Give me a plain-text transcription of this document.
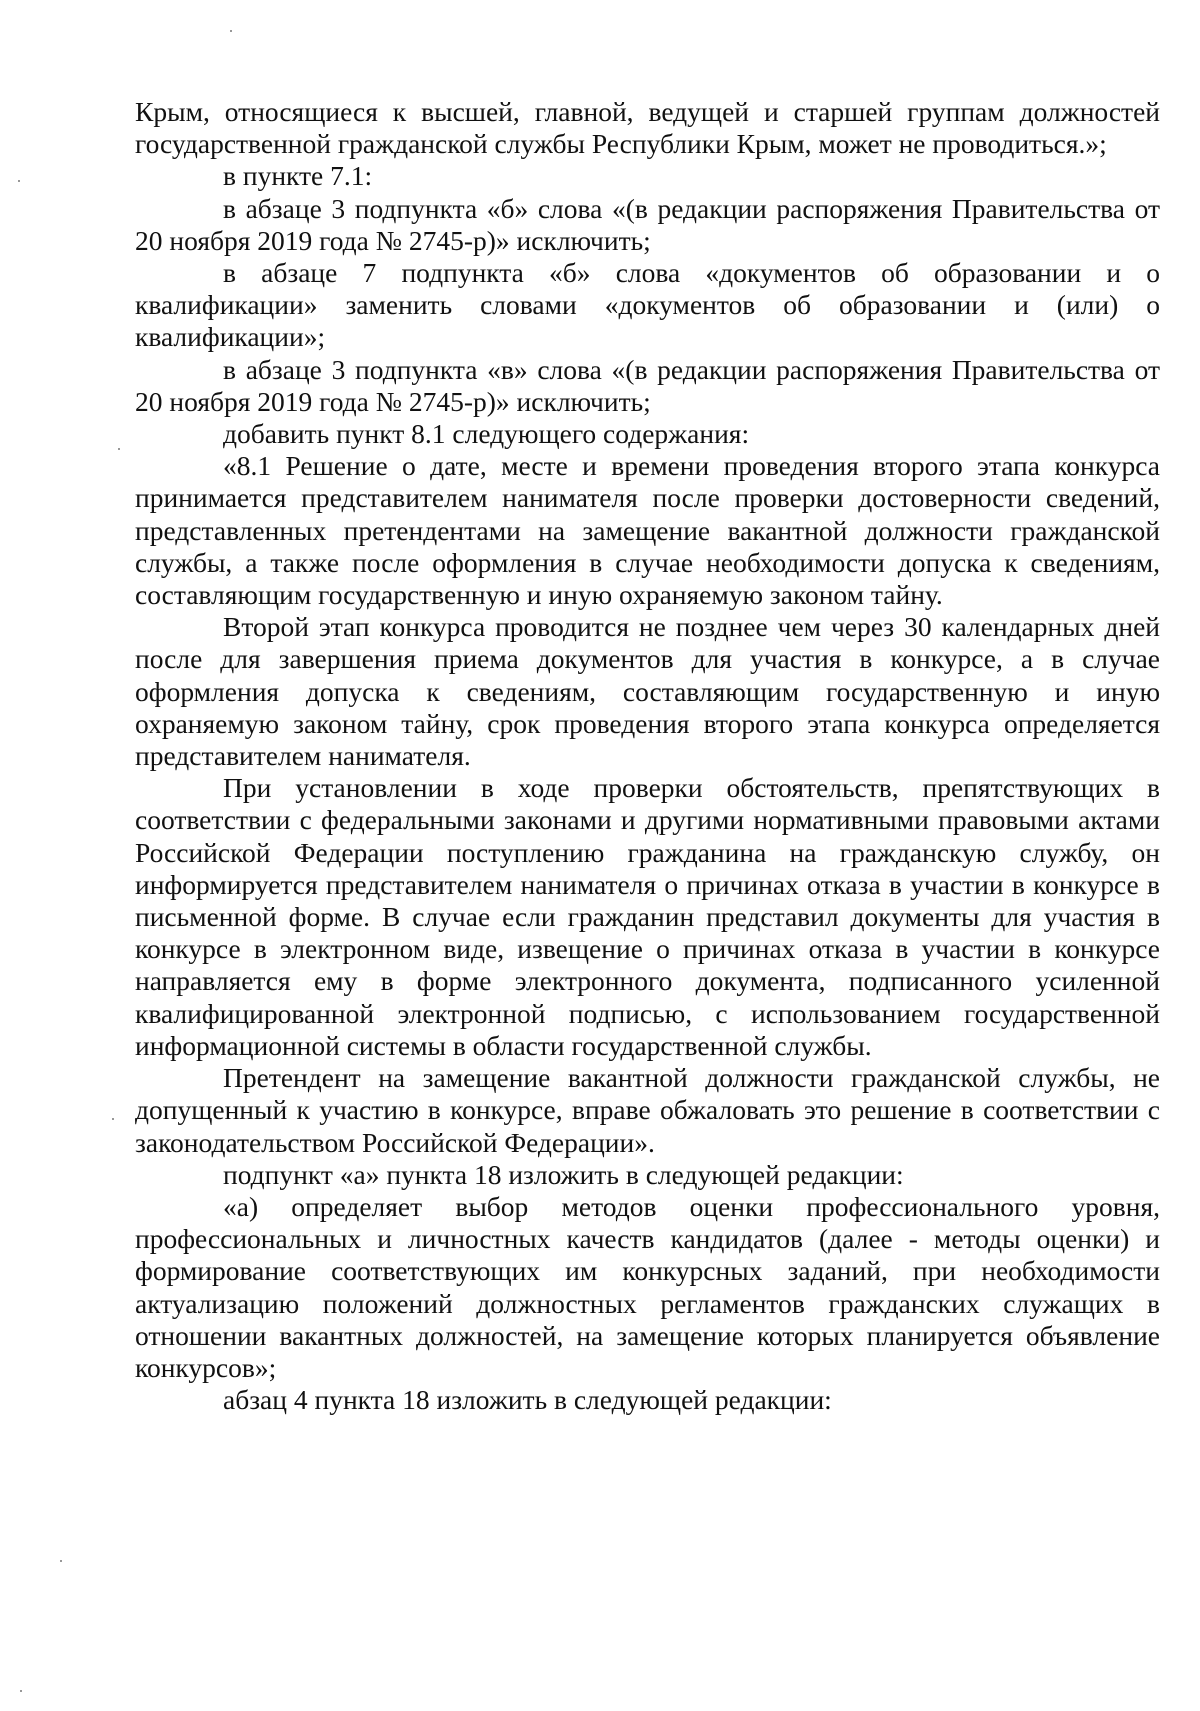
Крым, относящиеся к высшей, главной, ведущей и старшей группам должностей государственной гражданской службы Республики Крым, может не проводиться.»;

в пункте 7.1:

в абзаце 3 подпункта «б» слова «(в редакции распоряжения Правительства от 20 ноября 2019 года № 2745-р)» исключить;

в абзаце 7 подпункта «б» слова «документов об образовании и о квалификации» заменить словами «документов об образовании и (или) о квалификации»;

в абзаце 3 подпункта «в» слова «(в редакции распоряжения Правительства от 20 ноября 2019 года № 2745-р)» исключить;

добавить пункт 8.1 следующего содержания:

«8.1 Решение о дате, месте и времени проведения второго этапа конкурса принимается представителем нанимателя после проверки достоверности сведений, представленных претендентами на замещение вакантной должности гражданской службы, а также после оформления в случае необходимости допуска к сведениям, составляющим государственную и иную охраняемую законом тайну.

Второй этап конкурса проводится не позднее чем через 30 календарных дней после для завершения приема документов для участия в конкурсе, а в случае оформления допуска к сведениям, составляющим государственную и иную охраняемую законом тайну, срок проведения второго этапа конкурса определяется представителем нанимателя.

При установлении в ходе проверки обстоятельств, препятствующих в соответствии с федеральными законами и другими нормативными правовыми актами Российской Федерации поступлению гражданина на гражданскую службу, он информируется представителем нанимателя о причинах отказа в участии в конкурсе в письменной форме. В случае если гражданин представил документы для участия в конкурсе в электронном виде, извещение о причинах отказа в участии в конкурсе направляется ему в форме электронного документа, подписанного усиленной квалифицированной электронной подписью, с использованием государственной информационной системы в области государственной службы.

Претендент на замещение вакантной должности гражданской службы, не допущенный к участию в конкурсе, вправе обжаловать это решение в соответствии с законодательством Российской Федерации».

подпункт «а» пункта 18 изложить в следующей редакции:

«а) определяет выбор методов оценки профессионального уровня, профессиональных и личностных качеств кандидатов (далее - методы оценки) и формирование соответствующих им конкурсных заданий, при необходимости актуализацию положений должностных регламентов гражданских служащих в отношении вакантных должностей, на замещение которых планируется объявление конкурсов»;

абзац 4 пункта 18 изложить в следующей редакции:
